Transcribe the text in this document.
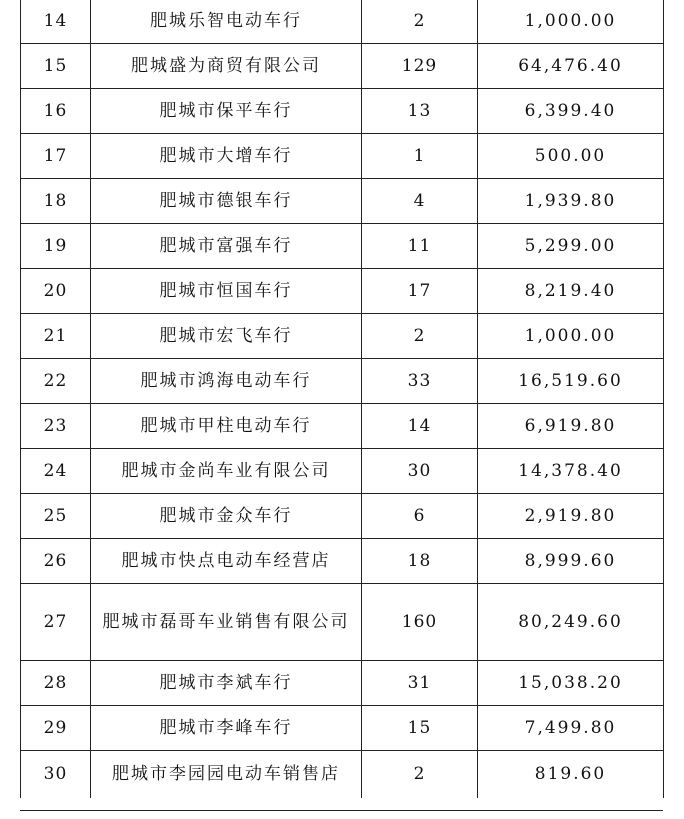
14	肥城乐智电动车行	2	1,000.00
15	肥城盛为商贸有限公司	129	64,476.40
16	肥城市保平车行	13	6,399.40
17	肥城市大增车行	1	500.00
18	肥城市德银车行	4	1,939.80
19	肥城市富强车行	11	5,299.00
20	肥城市恒国车行	17	8,219.40
21	肥城市宏飞车行	2	1,000.00
22	肥城市鸿海电动车行	33	16,519.60
23	肥城市甲柱电动车行	14	6,919.80
24	肥城市金尚车业有限公司	30	14,378.40
25	肥城市金众车行	6	2,919.80
26	肥城市快点电动车经营店	18	8,999.60
27	肥城市磊哥车业销售有限公司	160	80,249.60
28	肥城市李斌车行	31	15,038.20
29	肥城市李峰车行	15	7,499.80
30	肥城市李园园电动车销售店	2	819.60
